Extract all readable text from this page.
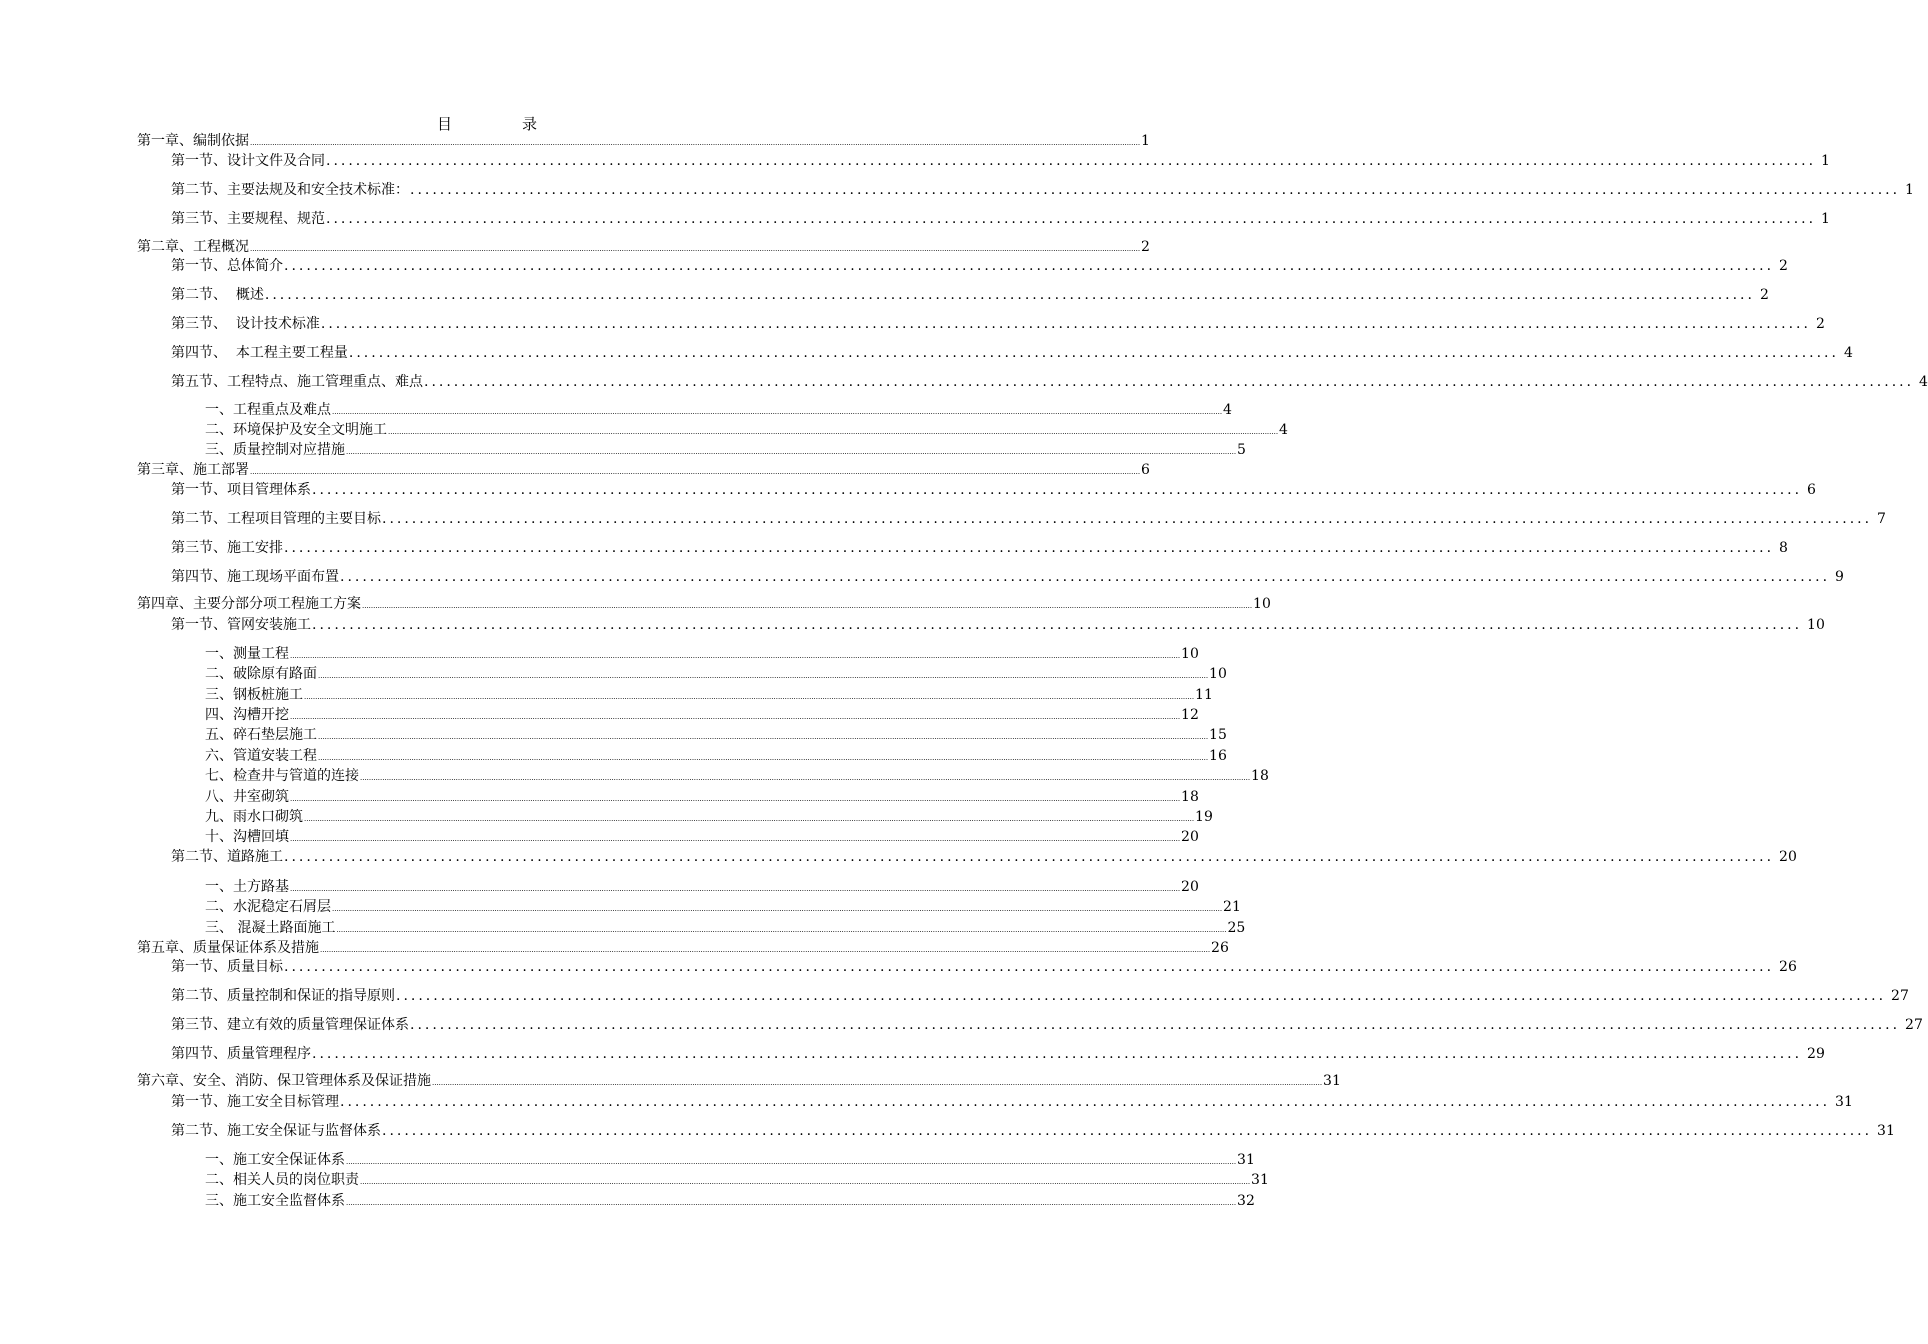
目	录
第一章、编制依据 ................................................................................................................................................................................................................................................................................................................................................................................................................ 1
第一节、设计文件及合同 ........................................................................................................................................................................................................ 1
第二节、主要法规及和安全技术标准： ........................................................................................................................................................................................................ 1
第三节、主要规程、规范 ........................................................................................................................................................................................................ 1
第二章、工程概况 ................................................................................................................................................................................................................................................................................................................................................................................................................ 2
第一节、总体简介 ........................................................................................................................................................................................................ 2
第二节、  概述 ........................................................................................................................................................................................................ 2
第三节、  设计技术标准 ........................................................................................................................................................................................................ 2
第四节、  本工程主要工程量 ........................................................................................................................................................................................................ 4
第五节、工程特点、施工管理重点、难点 ........................................................................................................................................................................................................ 4
一、工程重点及难点 ................................................................................................................................................................................................................................................................................................................................................................................................................ 4
二、环境保护及安全文明施工 ................................................................................................................................................................................................................................................................................................................................................................................................................ 4
三、质量控制对应措施 ................................................................................................................................................................................................................................................................................................................................................................................................................ 5
第三章、施工部署 ................................................................................................................................................................................................................................................................................................................................................................................................................ 6
第一节、项目管理体系 ........................................................................................................................................................................................................ 6
第二节、工程项目管理的主要目标 ........................................................................................................................................................................................................ 7
第三节、施工安排 ........................................................................................................................................................................................................ 8
第四节、施工现场平面布置 ........................................................................................................................................................................................................ 9
第四章、主要分部分项工程施工方案 ................................................................................................................................................................................................................................................................................................................................................................................................................ 10
第一节、管网安装施工 ........................................................................................................................................................................................................ 10
一、测量工程 ................................................................................................................................................................................................................................................................................................................................................................................................................ 10
二、破除原有路面 ................................................................................................................................................................................................................................................................................................................................................................................................................ 10
三、钢板桩施工 ................................................................................................................................................................................................................................................................................................................................................................................................................ 11
四、沟槽开挖 ................................................................................................................................................................................................................................................................................................................................................................................................................ 12
五、碎石垫层施工 ................................................................................................................................................................................................................................................................................................................................................................................................................ 15
六、管道安装工程 ................................................................................................................................................................................................................................................................................................................................................................................................................ 16
七、检查井与管道的连接 ................................................................................................................................................................................................................................................................................................................................................................................................................ 18
八、井室砌筑 ................................................................................................................................................................................................................................................................................................................................................................................................................ 18
九、雨水口砌筑 ................................................................................................................................................................................................................................................................................................................................................................................................................ 19
十、沟槽回填 ................................................................................................................................................................................................................................................................................................................................................................................................................ 20
第二节、道路施工 ........................................................................................................................................................................................................ 20
一、土方路基 ................................................................................................................................................................................................................................................................................................................................................................................................................ 20
二、水泥稳定石屑层 ................................................................................................................................................................................................................................................................................................................................................................................................................ 21
三、 混凝土路面施工 ................................................................................................................................................................................................................................................................................................................................................................................................................ 25
第五章、质量保证体系及措施 ................................................................................................................................................................................................................................................................................................................................................................................................................ 26
第一节、质量目标 ........................................................................................................................................................................................................ 26
第二节、质量控制和保证的指导原则 ........................................................................................................................................................................................................ 27
第三节、建立有效的质量管理保证体系 ........................................................................................................................................................................................................ 27
第四节、质量管理程序 ........................................................................................................................................................................................................ 29
第六章、安全、消防、保卫管理体系及保证措施 ................................................................................................................................................................................................................................................................................................................................................................................................................ 31
第一节、施工安全目标管理 ........................................................................................................................................................................................................ 31
第二节、施工安全保证与监督体系 ........................................................................................................................................................................................................ 31
一、施工安全保证体系 ................................................................................................................................................................................................................................................................................................................................................................................................................ 31
二、相关人员的岗位职责 ................................................................................................................................................................................................................................................................................................................................................................................................................ 31
三、施工安全监督体系 ................................................................................................................................................................................................................................................................................................................................................................................................................ 32
